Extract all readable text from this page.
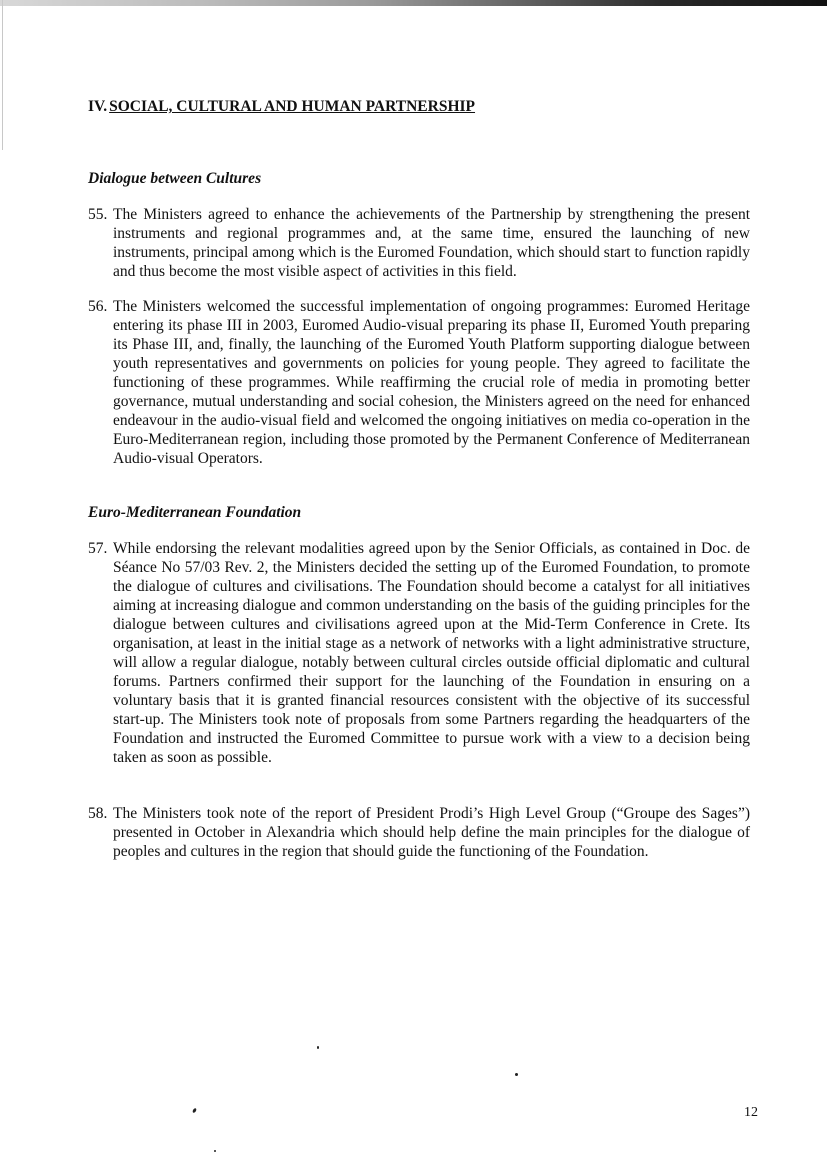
IV. SOCIAL, CULTURAL AND HUMAN PARTNERSHIP
Dialogue between Cultures
55. The Ministers agreed to enhance the achievements of the Partnership by strengthening the present instruments and regional programmes and, at the same time, ensured the launching of new instruments, principal among which is the Euromed Foundation, which should start to function rapidly and thus become the most visible aspect of activities in this field.
56. The Ministers welcomed the successful implementation of ongoing programmes: Euromed Heritage entering its phase III in 2003, Euromed Audio-visual preparing its phase II, Euromed Youth preparing its Phase III, and, finally, the launching of the Euromed Youth Platform supporting dialogue between youth representatives and governments on policies for young people. They agreed to facilitate the functioning of these programmes. While reaffirming the crucial role of media in promoting better governance, mutual understanding and social cohesion, the Ministers agreed on the need for enhanced endeavour in the audio-visual field and welcomed the ongoing initiatives on media co-operation in the Euro-Mediterranean region, including those promoted by the Permanent Conference of Mediterranean Audio-visual Operators.
Euro-Mediterranean Foundation
57. While endorsing the relevant modalities agreed upon by the Senior Officials, as contained in Doc. de Séance No 57/03 Rev. 2, the Ministers decided the setting up of the Euromed Foundation, to promote the dialogue of cultures and civilisations. The Foundation should become a catalyst for all initiatives aiming at increasing dialogue and common understanding on the basis of the guiding principles for the dialogue between cultures and civilisations agreed upon at the Mid-Term Conference in Crete. Its organisation, at least in the initial stage as a network of networks with a light administrative structure, will allow a regular dialogue, notably between cultural circles outside official diplomatic and cultural forums. Partners confirmed their support for the launching of the Foundation in ensuring on a voluntary basis that it is granted financial resources consistent with the objective of its successful start-up. The Ministers took note of proposals from some Partners regarding the headquarters of the Foundation and instructed the Euromed Committee to pursue work with a view to a decision being taken as soon as possible.
58. The Ministers took note of the report of President Prodi’s High Level Group (“Groupe des Sages”) presented in October in Alexandria which should help define the main principles for the dialogue of peoples and cultures in the region that should guide the functioning of the Foundation.
12
